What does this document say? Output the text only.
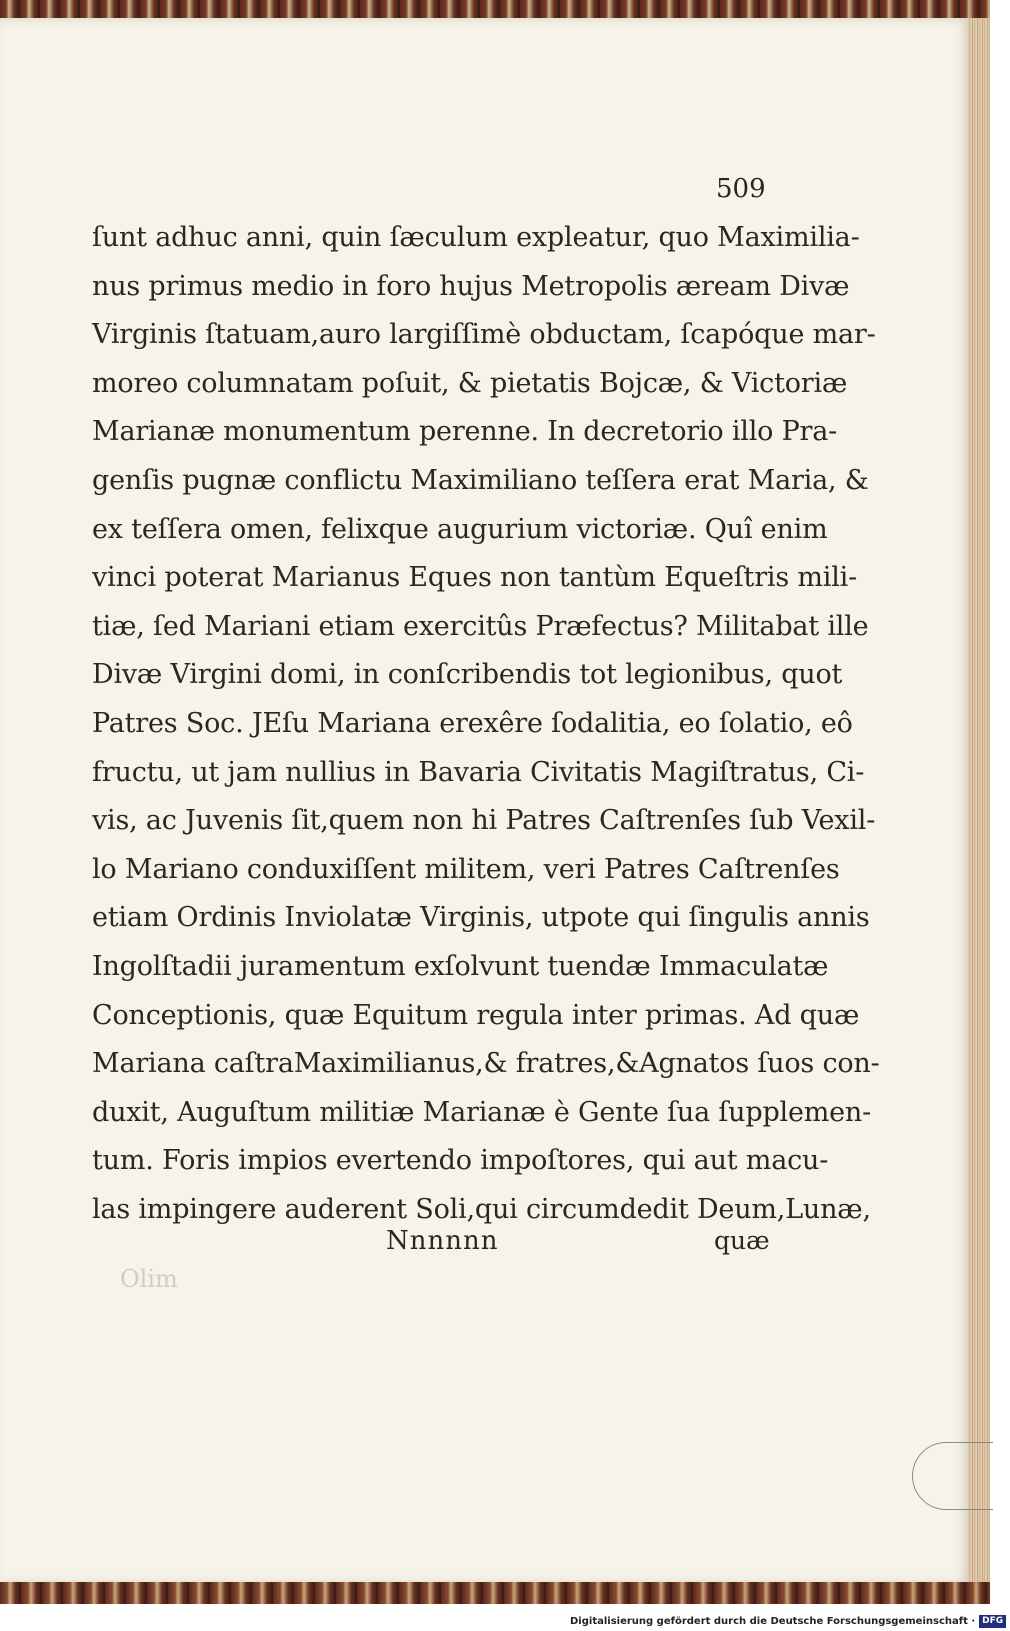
509
ſunt adhuc anni, quin ſæculum expleatur, quo Maximilia-
nus primus medio in foro hujus Metropolis æream Divæ
Virginis ſtatuam,auro largiſſimè obductam, ſcapóque mar-
moreo columnatam poſuit, & pietatis Bojcæ, & Victoriæ
Marianæ monumentum perenne. In decretorio illo Pra-
genſis pugnæ conflictu Maximiliano teſſera erat Maria, &
ex teſſera omen, felixque augurium victoriæ. Quî enim
vinci poterat Marianus Eques non tantùm Equeſtris mili-
tiæ, ſed Mariani etiam exercitûs Præfectus? Militabat ille
Divæ Virgini domi, in conſcribendis tot legionibus, quot
Patres Soc. JEſu Mariana erexêre ſodalitia, eo ſolatio, eô
fructu, ut jam nullius in Bavaria Civitatis Magiſtratus, Ci-
vis, ac Juvenis ſit,quem non hi Patres Caſtrenſes ſub Vexil-
lo Mariano conduxiſſent militem, veri Patres Caſtrenſes
etiam Ordinis Inviolatæ Virginis, utpote qui ſingulis annis
Ingolſtadii juramentum exſolvunt tuendæ Immaculatæ
Conceptionis, quæ Equitum regula inter primas. Ad quæ
Mariana caſtraMaximilianus,& fratres,&Agnatos ſuos con-
duxit, Auguſtum militiæ Marianæ è Gente ſua ſupplemen-
tum. Foris impios evertendo impoſtores, qui aut macu-
las impingere auderent Soli,qui circumdedit Deum,Lunæ,
Nnnnnn	quæ
Olim
Digitalisierung gefördert durch die Deutsche Forschungsgemeinschaft · DFG
